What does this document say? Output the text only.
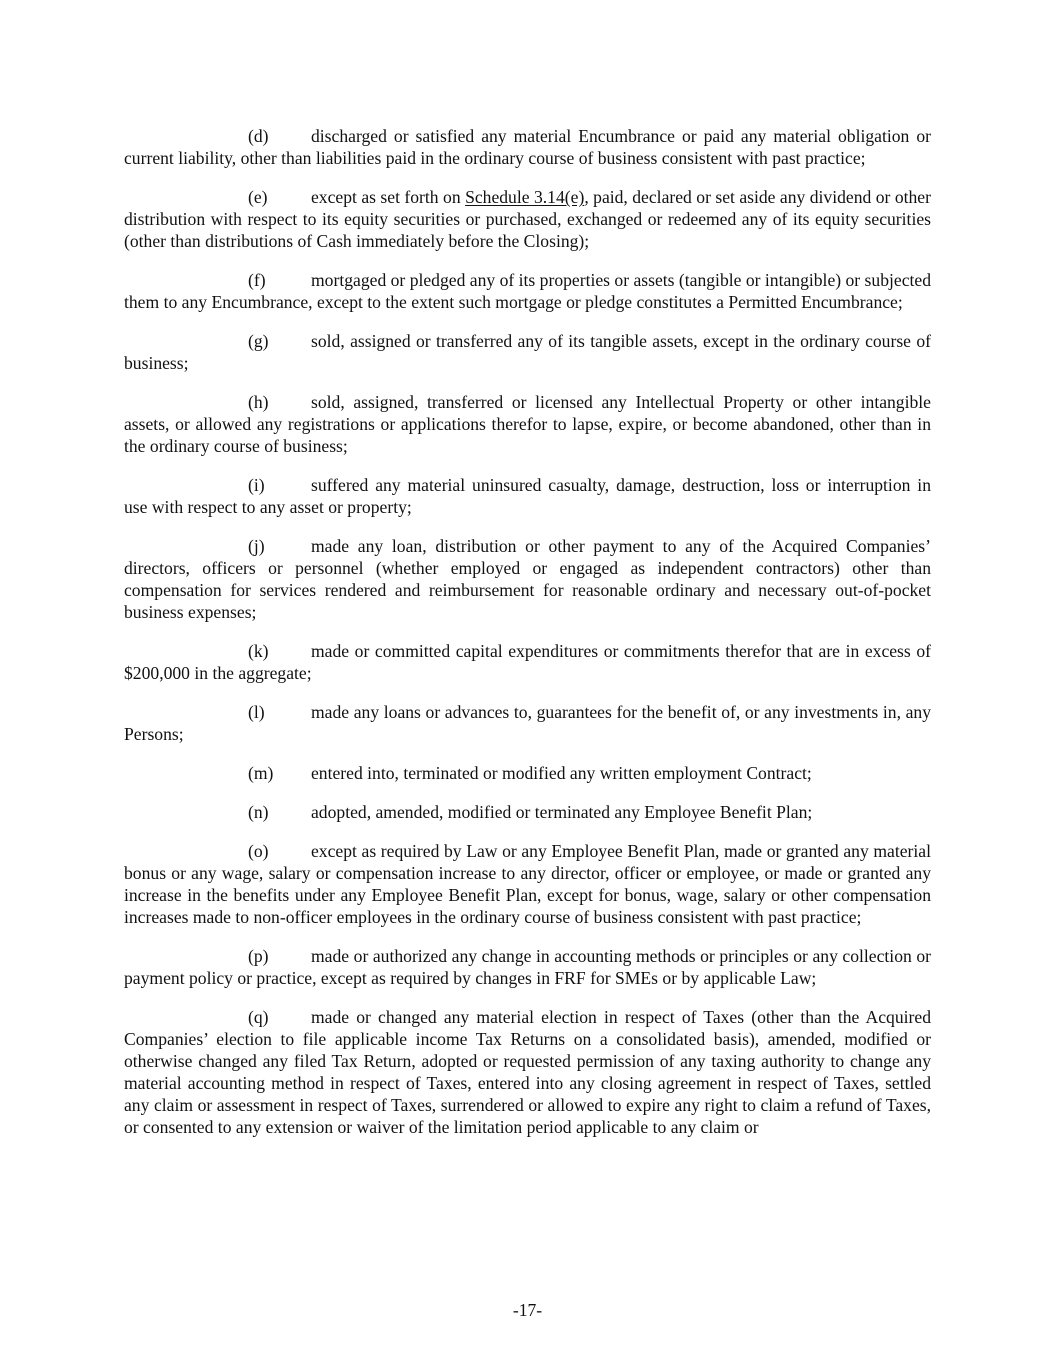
(d) discharged or satisfied any material Encumbrance or paid any material obligation or current liability, other than liabilities paid in the ordinary course of business consistent with past practice;

(e) except as set forth on Schedule 3.14(e), paid, declared or set aside any dividend or other distribution with respect to its equity securities or purchased, exchanged or redeemed any of its equity securities (other than distributions of Cash immediately before the Closing);

(f)	mortgaged or pledged any of its properties or assets (tangible or intangible) or subjected them to any Encumbrance, except to the extent such mortgage or pledge constitutes a Permitted Encumbrance;

(g) sold, assigned or transferred any of its tangible assets, except in the ordinary course of business;

(h) sold, assigned, transferred or licensed any Intellectual Property or other intangible assets, or allowed any registrations or applications therefor to lapse, expire, or become abandoned, other than in the ordinary course of business;

(i)	suffered any material uninsured casualty, damage, destruction, loss or interruption in use with respect to any asset or property;

(j)	made any loan, distribution or other payment to any of the Acquired Companies’ directors, officers or personnel (whether employed or engaged as independent contractors) other than compensation for services rendered and reimbursement for reasonable ordinary and necessary out-of-pocket business expenses;

(k) made or committed capital expenditures or commitments therefor that are in excess of $200,000 in the aggregate;

(l)	made any loans or advances to, guarantees for the benefit of, or any investments in, any Persons;

(m) entered into, terminated or modified any written employment Contract;

(n) adopted, amended, modified or terminated any Employee Benefit Plan;

(o) except as required by Law or any Employee Benefit Plan, made or granted any material bonus or any wage, salary or compensation increase to any director, officer or employee, or made or granted any increase in the benefits under any Employee Benefit Plan, except for bonus, wage, salary or other compensation increases made to non-officer employees in the ordinary course of business consistent with past practice;

(p) made or authorized any change in accounting methods or principles or any collection or payment policy or practice, except as required by changes in FRF for SMEs or by applicable Law;

(q) made or changed any material election in respect of Taxes (other than the Acquired Companies’ election to file applicable income Tax Returns on a consolidated basis), amended, modified or otherwise changed any filed Tax Return, adopted or requested permission of any taxing authority to change any material accounting method in respect of Taxes, entered into any closing agreement in respect of Taxes, settled any claim or assessment in respect of Taxes, surrendered or allowed to expire any right to claim a refund of Taxes, or consented to any extension or waiver of the limitation period applicable to any claim or

-17-
